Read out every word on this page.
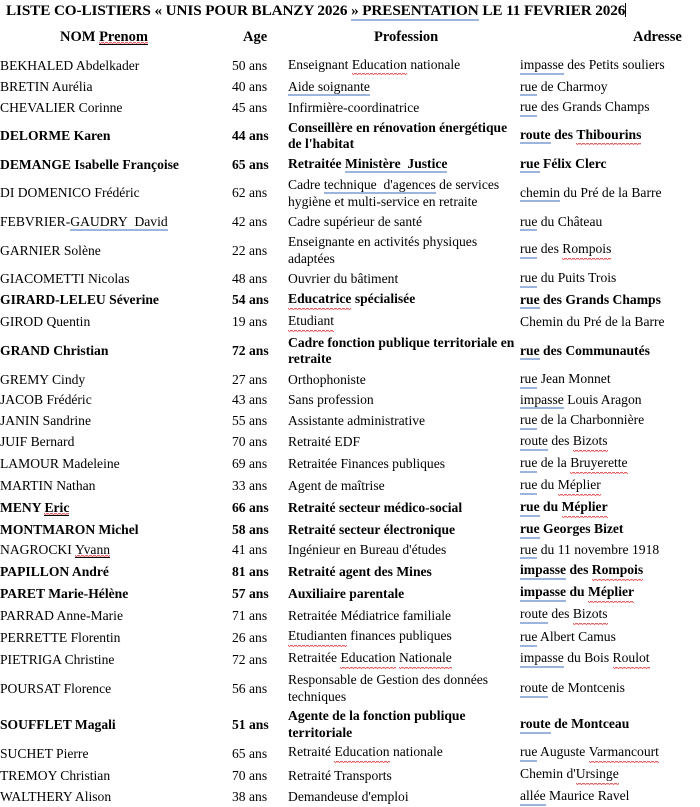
LISTE CO-LISTIERS « UNIS POUR BLANZY 2026 » PRESENTATION LE 11 FEVRIER 2026
NOM Prenom	Age	Profession	Adresse
BEKHALED Abdelkader	50 ans	Enseignant Education nationale	impasse des Petits souliers
BRETIN Aurélia	40 ans	Aide soignante	rue de Charmoy
CHEVALIER Corinne	45 ans	Infirmière-coordinatrice	rue des Grands Champs
DELORME Karen	44 ans	Conseillère en rénovation énergétique de l'habitat	route des Thibourins
DEMANGE Isabelle Françoise	65 ans	Retraitée Ministère  Justice	rue Félix Clerc
DI DOMENICO Frédéric	62 ans	Cadre technique  d'agences de services hygiène et multi-service en retraite	chemin du Pré de la Barre
FEBVRIER-GAUDRY  David	42 ans	Cadre supérieur de santé	rue du Château
GARNIER Solène	22 ans	Enseignante en activités physiques adaptées	rue des Rompois
GIACOMETTI Nicolas	48 ans	Ouvrier du bâtiment	rue du Puits Trois
GIRARD-LELEU Séverine	54 ans	Educatrice spécialisée	rue des Grands Champs
GIROD Quentin	19 ans	Etudiant	Chemin du Pré de la Barre
GRAND Christian	72 ans	Cadre fonction publique territoriale en retraite	rue des Communautés
GREMY Cindy	27 ans	Orthophoniste	rue Jean Monnet
JACOB Frédéric	43 ans	Sans profession	impasse Louis Aragon
JANIN Sandrine	55 ans	Assistante administrative	rue de la Charbonnière
JUIF Bernard	70 ans	Retraité EDF	route des Bizots
LAMOUR Madeleine	69 ans	Retraitée Finances publiques	rue de la Bruyerette
MARTIN Nathan	33 ans	Agent de maîtrise	rue du Méplier
MENY Eric	66 ans	Retraité secteur médico-social	rue du Méplier
MONTMARON Michel	58 ans	Retraité secteur électronique	rue Georges Bizet
NAGROCKI Yvann	41 ans	Ingénieur en Bureau d'études	rue du 11 novembre 1918
PAPILLON André	81 ans	Retraité agent des Mines	impasse des Rompois
PARET Marie-Hélène	57 ans	Auxiliaire parentale	impasse du Méplier
PARRAD Anne-Marie	71 ans	Retraitée Médiatrice familiale	route des Bizots
PERRETTE Florentin	26 ans	Etudianten finances publiques	rue Albert Camus
PIETRIGA Christine	72 ans	Retraitée Education Nationale	impasse du Bois Roulot
POURSAT Florence	56 ans	Responsable de Gestion des données techniques	route de Montcenis
SOUFFLET Magali	51 ans	Agente de la fonction publique territoriale	route de Montceau
SUCHET Pierre	65 ans	Retraité Education nationale	rue Auguste Varmancourt
TREMOY Christian	70 ans	Retraité Transports	Chemin d'Ursinge
WALTHERY Alison	38 ans	Demandeuse d'emploi	allée Maurice Ravel
